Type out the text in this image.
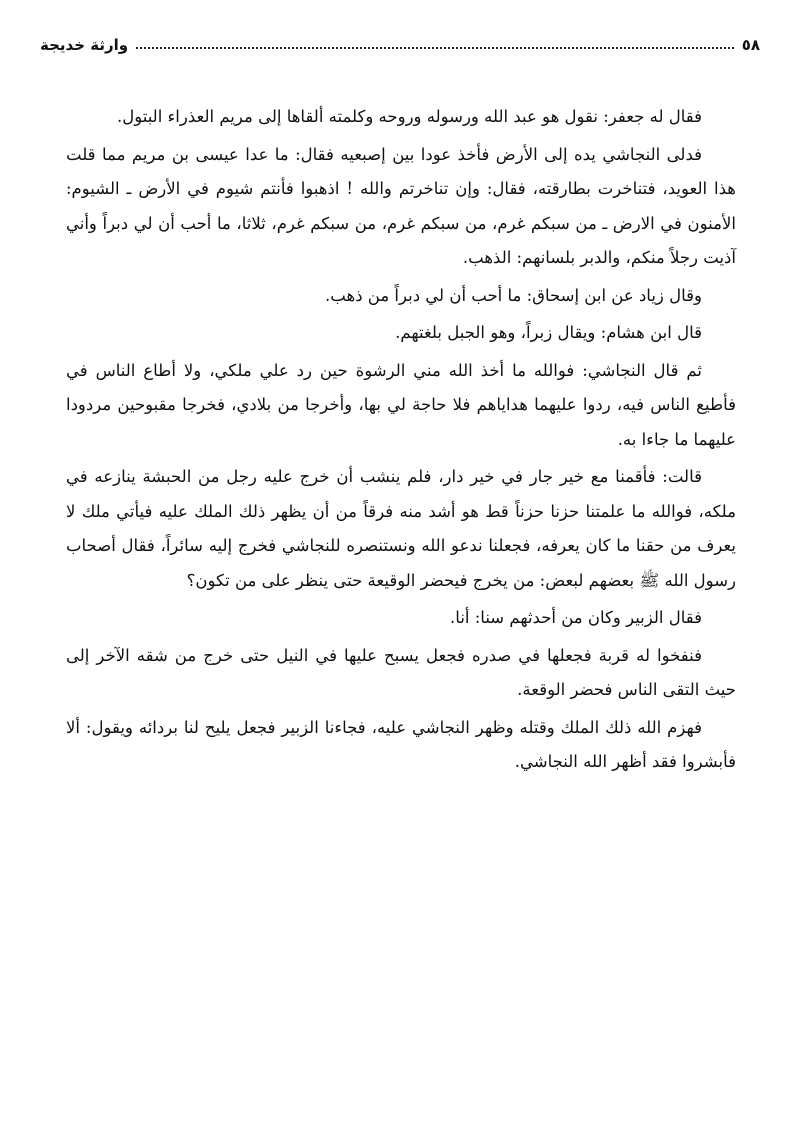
وارثة خديجة	٥٨

فقال له جعفر: نقول هو عبد الله ورسوله وروحه وكلمته ألقاها إلى مريم العذراء البتول.

فدلى النجاشي يده إلى الأرض فأخذ عودا بين إصبعيه فقال: ما عدا عيسى بن مريم مما قلت هذا العويد، فتناخرت بطارقته، فقال: وإن تناخرتم والله ! اذهبوا فأنتم شيوم في الأرض ـ الشيوم: الأمنون في الارض ـ من سبكم غرم، من سبكم غرم، من سبكم غرم، ثلاثا، ما أحب أن لي دبراً وأني آذيت رجلاً منكم، والدبر بلسانهم: الذهب.

وقال زياد عن ابن إسحاق: ما أحب أن لي دبراً من ذهب.

قال ابن هشام: ويقال زبراً، وهو الجبل بلغتهم.

ثم قال النجاشي: فوالله ما أخذ الله مني الرشوة حين رد علي ملكي، ولا أطاع الناس في فأطيع الناس فيه، ردوا عليهما هداياهم فلا حاجة لي بها، وأخرجا من بلادي، فخرجا مقبوحين مردودا عليهما ما جاءا به.

قالت: فأقمنا مع خير جار في خير دار، فلم ينشب أن خرج عليه رجل من الحبشة ينازعه في ملكه، فوالله ما علمتنا حزنا حزناً قط هو أشد منه فرقاً من أن يظهر ذلك الملك عليه فيأتي ملك لا يعرف من حقنا ما كان يعرفه، فجعلنا ندعو الله ونستنصره للنجاشي فخرج إليه سائراً، فقال أصحاب رسول الله ﷺ بعضهم لبعض: من يخرج فيحضر الوقيعة حتى ينظر على من تكون؟

فقال الزبير وكان من أحدثهم سنا: أنا.

فنفخوا له قربة فجعلها في صدره فجعل يسبح عليها في النيل حتى خرج من شقه الآخر إلى حيث التقى الناس فحضر الوقعة.

فهزم الله ذلك الملك وقتله وظهر النجاشي عليه، فجاءنا الزبير فجعل يليح لنا بردائه ويقول: ألا فأبشروا فقد أظهر الله النجاشي.
